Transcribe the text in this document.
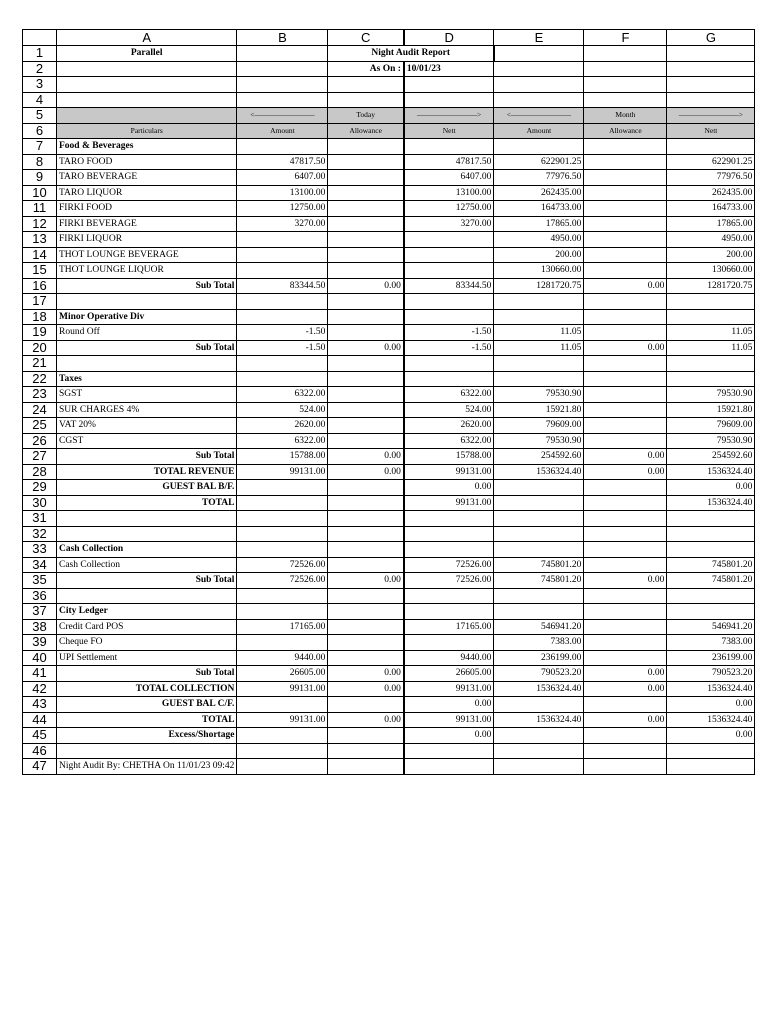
	A	B	C	D	E	F	G
1	Parallel		Night Audit Report				
2			As On :	10/01/23			
3							
4							
5		<————————	Today	————————>	<————————	Month	————————>
6	Particulars	Amount	Allowance	Nett	Amount	Allowance	Nett
7	Food & Beverages						
8	TARO FOOD	47817.50		47817.50	622901.25		622901.25
9	TARO BEVERAGE	6407.00		6407.00	77976.50		77976.50
10	TARO LIQUOR	13100.00		13100.00	262435.00		262435.00
11	FIRKI FOOD	12750.00		12750.00	164733.00		164733.00
12	FIRKI BEVERAGE	3270.00		3270.00	17865.00		17865.00
13	FIRKI LIQUOR				4950.00		4950.00
14	THOT LOUNGE BEVERAGE				200.00		200.00
15	THOT LOUNGE LIQUOR				130660.00		130660.00
16	Sub Total	83344.50	0.00	83344.50	1281720.75	0.00	1281720.75
17							
18	Minor Operative Div						
19	Round Off	-1.50		-1.50	11.05		11.05
20	Sub Total	-1.50	0.00	-1.50	11.05	0.00	11.05
21							
22	Taxes						
23	SGST	6322.00		6322.00	79530.90		79530.90
24	SUR CHARGES 4%	524.00		524.00	15921.80		15921.80
25	VAT 20%	2620.00		2620.00	79609.00		79609.00
26	CGST	6322.00		6322.00	79530.90		79530.90
27	Sub Total	15788.00	0.00	15788.00	254592.60	0.00	254592.60
28	TOTAL REVENUE	99131.00	0.00	99131.00	1536324.40	0.00	1536324.40
29	GUEST BAL B/F.			0.00			0.00
30	TOTAL			99131.00			1536324.40
31							
32							
33	Cash Collection						
34	Cash Collection	72526.00		72526.00	745801.20		745801.20
35	Sub Total	72526.00	0.00	72526.00	745801.20	0.00	745801.20
36							
37	City Ledger						
38	Credit Card POS	17165.00		17165.00	546941.20		546941.20
39	Cheque FO				7383.00		7383.00
40	UPI Settlement	9440.00		9440.00	236199.00		236199.00
41	Sub Total	26605.00	0.00	26605.00	790523.20	0.00	790523.20
42	TOTAL COLLECTION	99131.00	0.00	99131.00	1536324.40	0.00	1536324.40
43	GUEST BAL C/F.			0.00			0.00
44	TOTAL	99131.00	0.00	99131.00	1536324.40	0.00	1536324.40
45	Excess/Shortage			0.00			0.00
46							
47	Night Audit By: CHETHA On 11/01/23 09:42						
